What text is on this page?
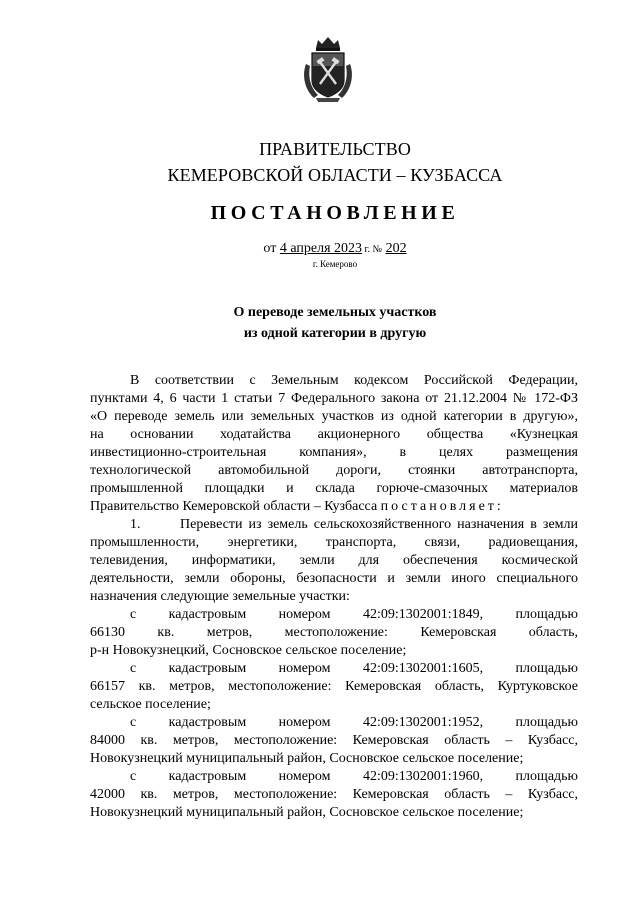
ПРАВИТЕЛЬСТВО
КЕМЕРОВСКОЙ ОБЛАСТИ – КУЗБАССА
ПОСТАНОВЛЕНИЕ
от 4 апреля 2023 г. № 202
г. Кемерово
О переводе земельных участков
из одной категории в другую

В соответствии с Земельным кодексом Российской Федерации,

пунктами 4, 6 части 1 статьи 7 Федерального закона от 21.12.2004 № 172-ФЗ

«О переводе земель или земельных участков из одной категории в другую»,

на основании ходатайства акционерного общества «Кузнецкая

инвестиционно-строительная компания», в целях размещения

технологической автомобильной дороги, стоянки автотранспорта,

промышленной площадки и склада горюче-смазочных материалов

Правительство Кемеровской области – Кузбасса постановляет:

1.	Перевести из земель сельскохозяйственного назначения в земли

промышленности, энергетики, транспорта, связи, радиовещания,

телевидения, информатики, земли для обеспечения космической

деятельности, земли обороны, безопасности и земли иного специального

назначения следующие земельные участки:

с кадастровым номером 42:09:1302001:1849, площадью

66130 кв. метров, местоположение: Кемеровская область,

р-н Новокузнецкий, Сосновское сельское поселение;

с кадастровым номером 42:09:1302001:1605, площадью

66157 кв. метров, местоположение: Кемеровская область, Куртуковское

сельское поселение;

с кадастровым номером 42:09:1302001:1952, площадью

84000 кв. метров, местоположение: Кемеровская область – Кузбасс,

Новокузнецкий муниципальный район, Сосновское сельское поселение;

с кадастровым номером 42:09:1302001:1960, площадью

42000 кв. метров, местоположение: Кемеровская область – Кузбасс,

Новокузнецкий муниципальный район, Сосновское сельское поселение;
